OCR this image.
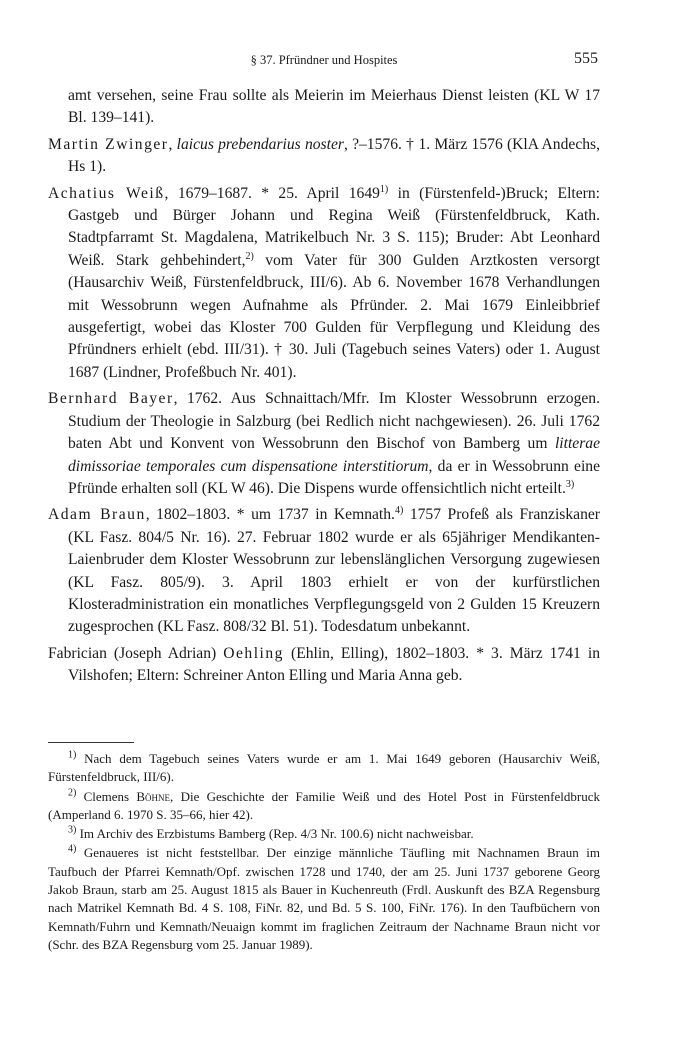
§ 37. Pfründner und Hospites	555

amt versehen, seine Frau sollte als Meierin im Meierhaus Dienst leisten (KL W 17 Bl. 139–141).

Martin Zwinger, laicus prebendarius noster, ?–1576. † 1. März 1576 (KlA Andechs, Hs 1).

Achatius Weiß, 1679–1687. * 25. April 1649$^{1)}$ in (Fürstenfeld-)Bruck; Eltern: Gastgeb und Bürger Johann und Regina Weiß (Fürstenfeldbruck, Kath. Stadtpfarramt St. Magdalena, Matrikelbuch Nr. 3 S. 115); Bruder: Abt Leonhard Weiß. Stark gehbehindert,$^{2)}$ vom Vater für 300 Gulden Arztkosten versorgt (Hausarchiv Weiß, Fürstenfeldbruck, III/6). Ab 6. November 1678 Verhandlungen mit Wessobrunn wegen Aufnahme als Pfründer. 2. Mai 1679 Einleibbrief ausgefertigt, wobei das Kloster 700 Gulden für Verpflegung und Kleidung des Pfründners erhielt (ebd. III/31). † 30. Juli (Tagebuch seines Vaters) oder 1. August 1687 (Lindner, Profeßbuch Nr. 401).

Bernhard Bayer, 1762. Aus Schnaittach/Mfr. Im Kloster Wessobrunn erzogen. Studium der Theologie in Salzburg (bei Redlich nicht nachgewiesen). 26. Juli 1762 baten Abt und Konvent von Wessobrunn den Bischof von Bamberg um litterae dimissoriae temporales cum dispensatione interstitiorum, da er in Wessobrunn eine Pfründe erhalten soll (KL W 46). Die Dispens wurde offensichtlich nicht erteilt.$^{3)}$

Adam Braun, 1802–1803. * um 1737 in Kemnath.$^{4)}$ 1757 Profeß als Franziskaner (KL Fasz. 804/5 Nr. 16). 27. Februar 1802 wurde er als 65jähriger Mendikanten-Laienbruder dem Kloster Wessobrunn zur lebenslänglichen Versorgung zugewiesen (KL Fasz. 805/9). 3. April 1803 erhielt er von der kurfürstlichen Klosteradministration ein monatliches Verpflegungsgeld von 2 Gulden 15 Kreuzern zugesprochen (KL Fasz. 808/32 Bl. 51). Todesdatum unbekannt.

Fabrician (Joseph Adrian) Oehling (Ehlin, Elling), 1802–1803. * 3. März 1741 in Vilshofen; Eltern: Schreiner Anton Elling und Maria Anna geb.

$^{1)}$ Nach dem Tagebuch seines Vaters wurde er am 1. Mai 1649 geboren (Hausarchiv Weiß, Fürstenfeldbruck, III/6).

$^{2)}$ Clemens Böhne, Die Geschichte der Familie Weiß und des Hotel Post in Fürstenfeldbruck (Amperland 6. 1970 S. 35–66, hier 42).

$^{3)}$ Im Archiv des Erzbistums Bamberg (Rep. 4/3 Nr. 100.6) nicht nachweisbar.

$^{4)}$ Genaueres ist nicht feststellbar. Der einzige männliche Täufling mit Nachnamen Braun im Taufbuch der Pfarrei Kemnath/Opf. zwischen 1728 und 1740, der am 25. Juni 1737 geborene Georg Jakob Braun, starb am 25. August 1815 als Bauer in Kuchenreuth (Frdl. Auskunft des BZA Regensburg nach Matrikel Kemnath Bd. 4 S. 108, FiNr. 82, und Bd. 5 S. 100, FiNr. 176). In den Taufbüchern von Kemnath/Fuhrn und Kemnath/Neuaign kommt im fraglichen Zeitraum der Nachname Braun nicht vor (Schr. des BZA Regensburg vom 25. Januar 1989).
